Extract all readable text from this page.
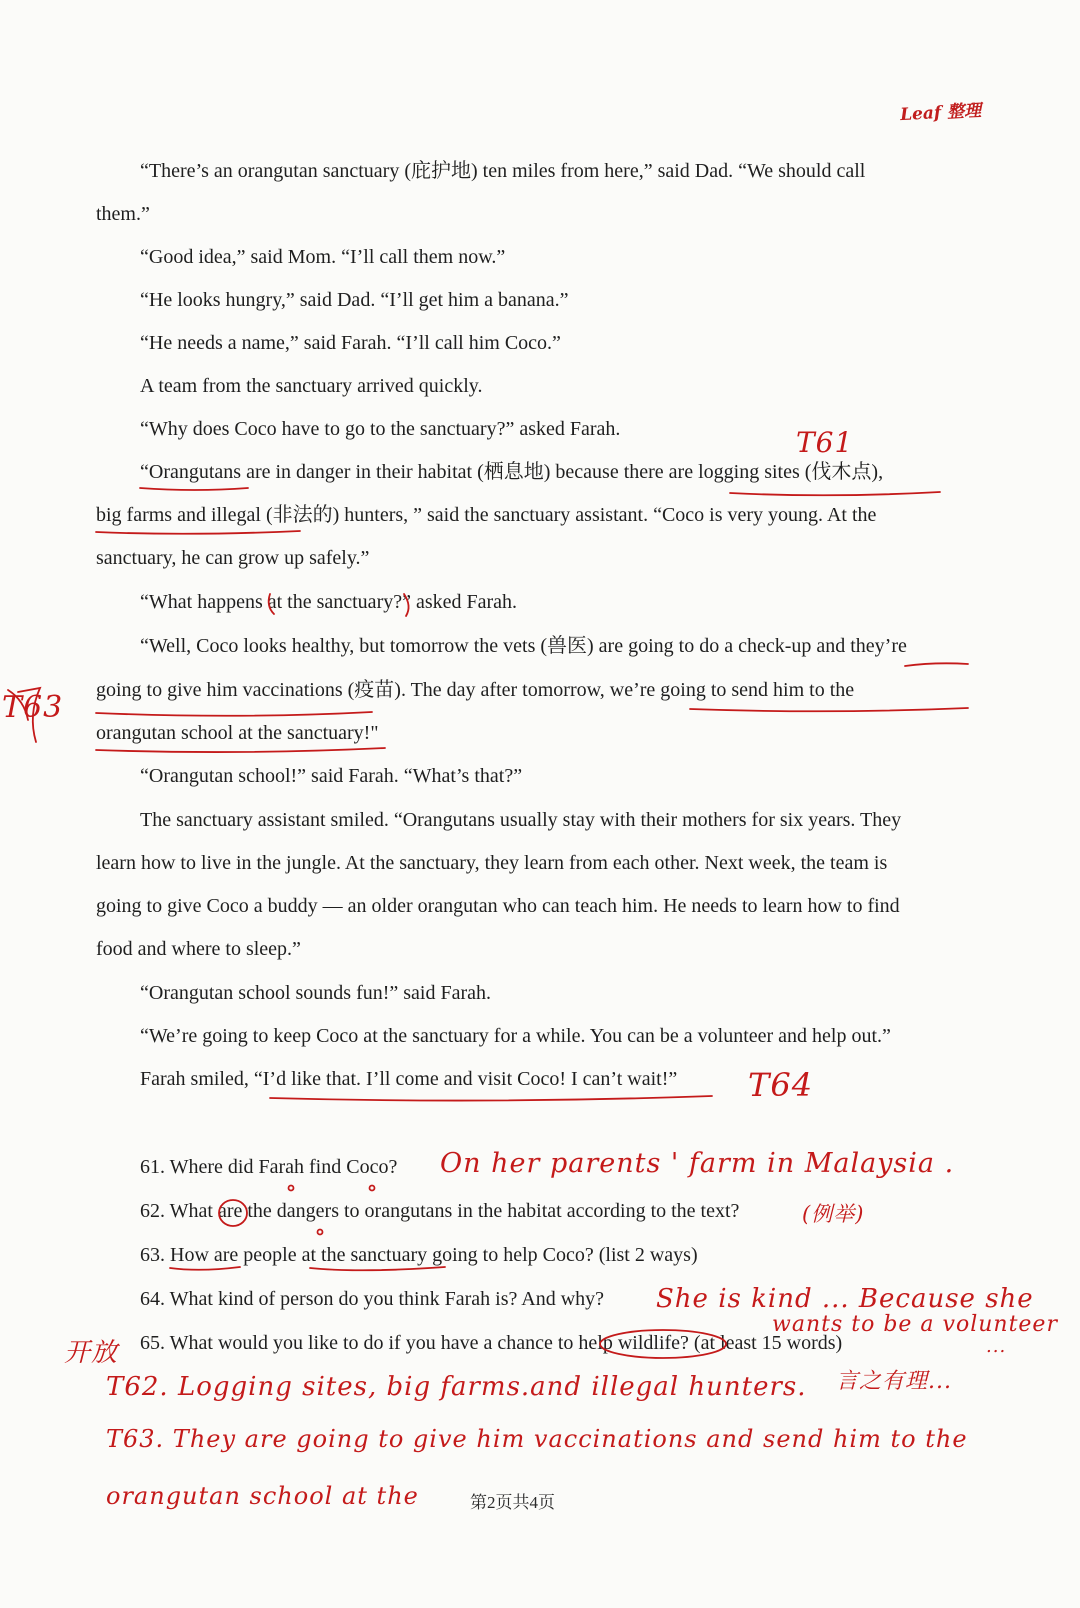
Leaf 整理
“There’s an orangutan sanctuary (庇护地) ten miles from here,” said Dad. “We should call
them.”
“Good idea,” said Mom. “I’ll call them now.”
“He looks hungry,” said Dad. “I’ll get him a banana.”
“He needs a name,” said Farah. “I’ll call him Coco.”
A team from the sanctuary arrived quickly.
“Why does Coco have to go to the sanctuary?” asked Farah.
“Orangutans are in danger in their habitat (栖息地) because there are logging sites (伐木点),
big farms and illegal (非法的) hunters, ” said the sanctuary assistant. “Coco is very young. At the
sanctuary, he can grow up safely.”
“What happens at the sanctuary?” asked Farah.
“Well, Coco looks healthy, but tomorrow the vets (兽医) are going to do a check-up and they’re
going to give him vaccinations (疫苗). The day after tomorrow, we’re going to send him to the
orangutan school at the sanctuary!"
“Orangutan school!” said Farah. “What’s that?”
The sanctuary assistant smiled. “Orangutans usually stay with their mothers for six years. They
learn how to live in the jungle. At the sanctuary, they learn from each other. Next week, the team is
going to give Coco a buddy — an older orangutan who can teach him. He needs to learn how to find
food and where to sleep.”
“Orangutan school sounds fun!” said Farah.
“We’re going to keep Coco at the sanctuary for a while. You can be a volunteer and help out.”
Farah smiled, “I’d like that. I’ll come and visit Coco! I can’t wait!”
61. Where did Farah find Coco?
62. What are the dangers to orangutans in the habitat according to the text?
63. How are people at the sanctuary going to help Coco? (list 2 ways)
64. What kind of person do you think Farah is? And why?
65. What would you like to do if you have a chance to help wildlife? (at least 15 words)
T61
T63
T64
On her parents ' farm in Malaysia .
(例举)
She is kind ... Because she
wants to be a volunteer
...
开放
T62. Logging sites, big farms.and illegal hunters. 言之有理...
T63. They are going to give him vaccinations and send him to the
orangutan school at the	第2页共4页
